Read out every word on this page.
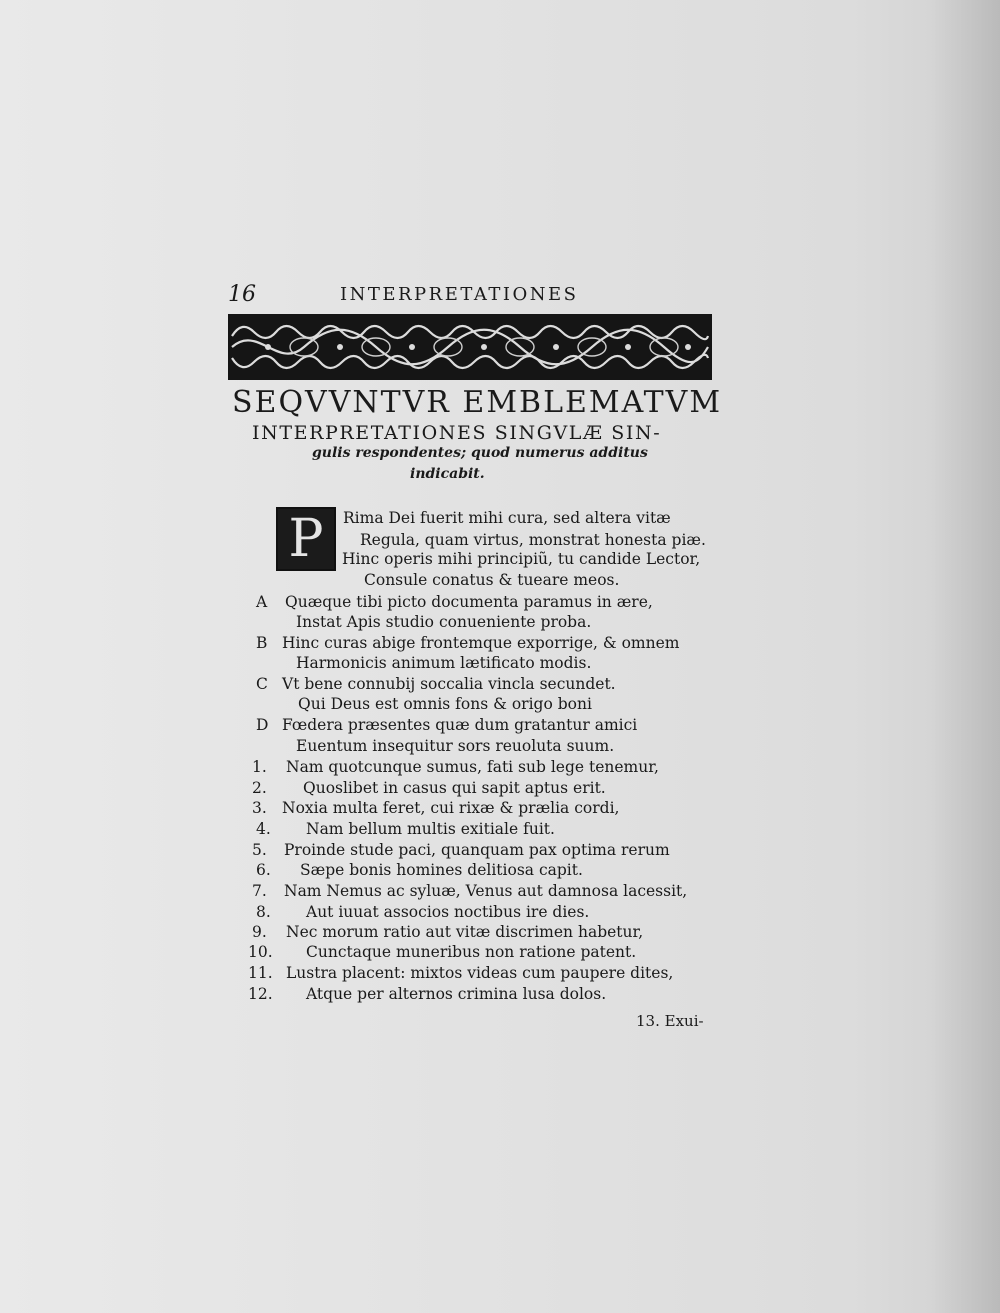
16	INTERPRETATIONES
SEQVVNTVR EMBLEMATVM
INTERPRETATIONES SINGVLÆ SIN-
gulis respondentes; quod numerus additus
indicabit.
P	Rima Dei fuerit mihi cura, sed altera vitæ
Regula, quam virtus, monstrat honesta piæ.
Hinc operis mihi principiũ, tu candide Lector,
Consule conatus & tueare meos.
A Quæque tibi picto documenta paramus in ære,
Instat Apis studio conueniente proba.
B Hinc curas abige frontemque exporrige, & omnem
Harmonicis animum lætificato modis.
C Vt bene connubij soccalia vincla secundet.
Qui Deus est omnis fons & origo boni
D Fœdera præsentes quæ dum gratantur amici
Euentum insequitur sors reuoluta suum.
1. Nam quotcunque sumus, fati sub lege tenemur,
2. Quoslibet in casus qui sapit aptus erit.
3. Noxia multa feret, cui rixæ & prælia cordi,
4. Nam bellum multis exitiale fuit.
5. Proinde stude paci, quanquam pax optima rerum
6. Sæpe bonis homines delitiosa capit.
7. Nam Nemus ac syluæ, Venus aut damnosa lacessit,
8. Aut iuuat associos noctibus ire dies.
9. Nec morum ratio aut vitæ discrimen habetur,
10. Cunctaque muneribus non ratione patent.
11. Lustra placent: mixtos videas cum paupere dites,
12. Atque per alternos crimina lusa dolos.
13. Exui-
